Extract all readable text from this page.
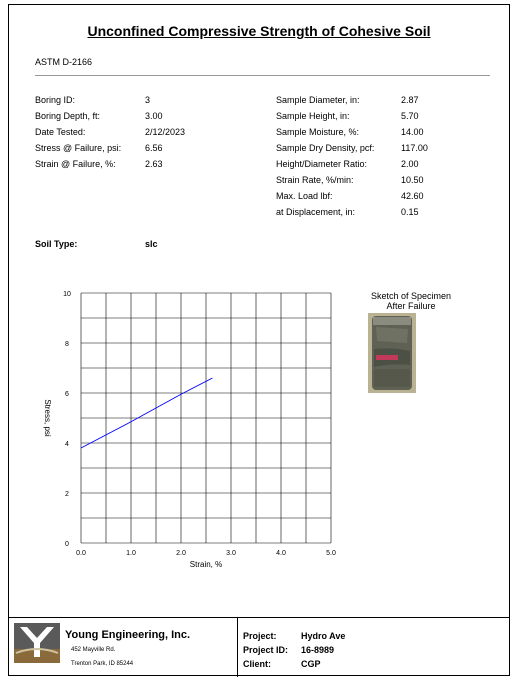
Unconfined Compressive Strength of Cohesive Soil
ASTM D-2166
Boring ID:	3
Boring Depth, ft:	3.00
Date Tested:	2/12/2023
Stress @ Failure, psi:	6.56
Strain @ Failure, %:	2.63
Sample Diameter, in:	2.87
Sample Height, in:	5.70
Sample Moisture, %:	14.00
Sample Dry Density, pcf:	117.00
Height/Diameter Ratio:	2.00
Strain Rate, %/min:	10.50
Max. Load lbf:	42.60
at Displacement, in:	0.15
Soil Type:	slc
0.0	1.0	2.0	3.0	4.0	5.0
0
2
4
6
8
10
Strain, %
Stress, psi
Sketch of Specimen
After Failure
Young Engineering, Inc.
452 Mayville Rd.
Trenton Park, ID 85244
Project:	Hydro Ave
Project ID: 16-8989
Client:	CGP
